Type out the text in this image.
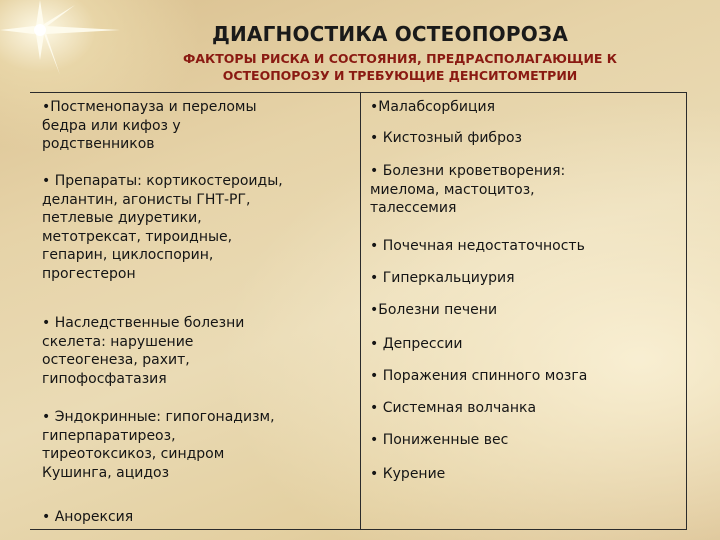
ДИАГНОСТИКА ОСТЕОПОРОЗА
ФАКТОРЫ РИСКА И СОСТОЯНИЯ, ПРЕДРАСПОЛАГАЮЩИЕ К ОСТЕОПОРОЗУ И ТРЕБУЮЩИЕ ДЕНСИТОМЕТРИИ
•Постменопауза и переломы
бедра или кифоз у
родственников
• Препараты: кортикостероиды,
делантин, агонисты ГНТ-РГ,
петлевые диуретики,
метотрексат, тироидные,
гепарин, циклоспорин,
прогестерон
• Наследственные болезни
скелета: нарушение
остеогенеза, рахит,
гипофосфатазия
• Эндокринные: гипогонадизм,
гиперпаратиреоз,
тиреотоксикоз, синдром
Кушинга, ацидоз
• Анорексия
•Малабсорбиция
• Кистозный фиброз
• Болезни кроветворения:
миелома, мастоцитоз,
талессемия
• Почечная недостаточность
• Гиперкальциурия
•Болезни печени
• Депрессии
• Поражения спинного мозга
• Системная волчанка
• Пониженные вес
• Курение
